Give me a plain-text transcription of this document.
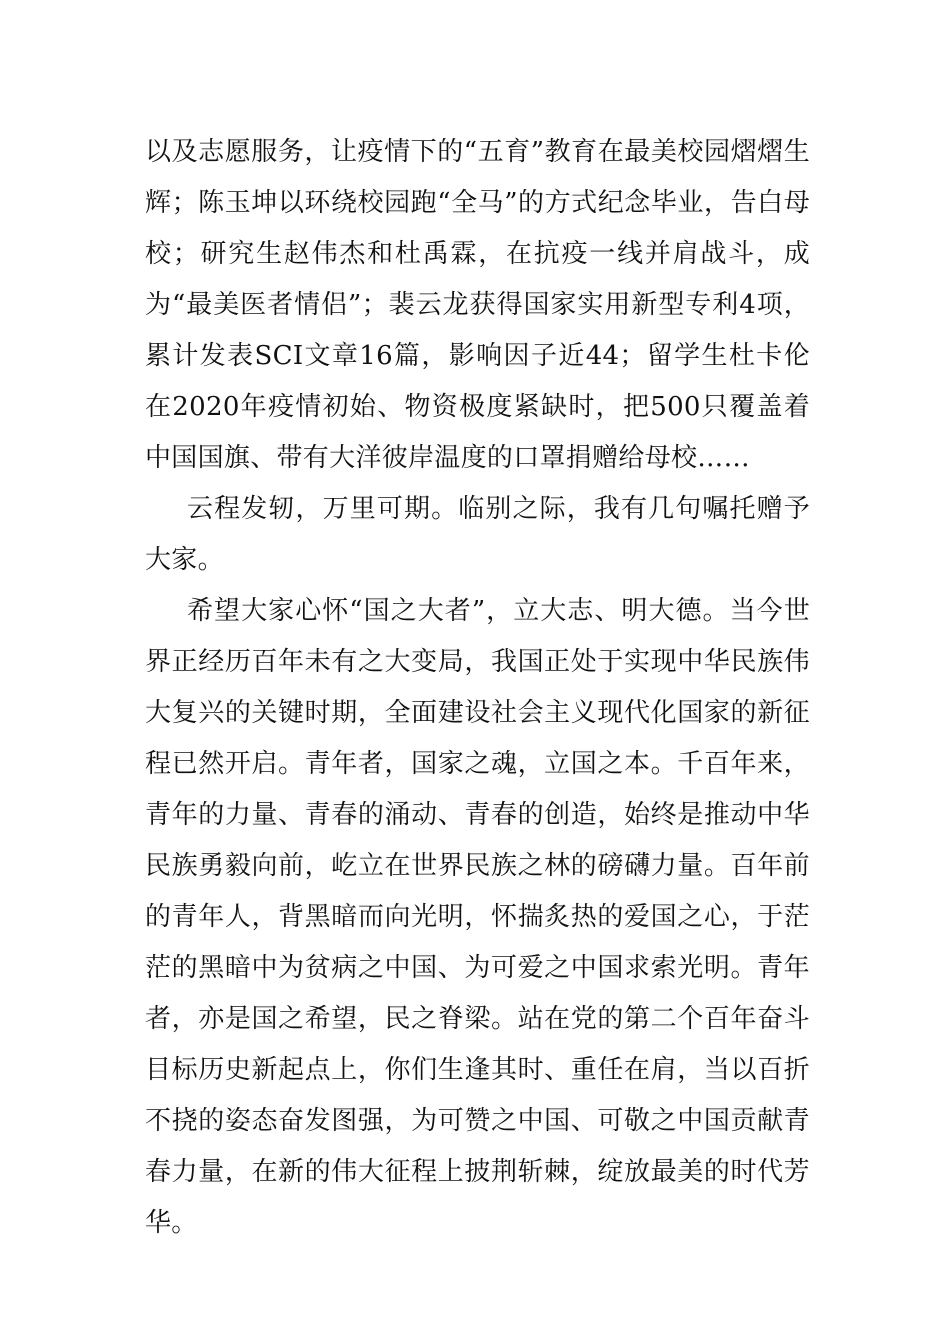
以及志愿服务，让疫情下的“五育”教育在最美校园熠熠生辉；陈玉坤以环绕校园跑“全马”的方式纪念毕业，告白母校；研究生赵伟杰和杜禹霖，在抗疫一线并肩战斗，成为“最美医者情侣”；裴云龙获得国家实用新型专利4项，累计发表SCI文章16篇，影响因子近44；留学生杜卡伦在2020年疫情初始、物资极度紧缺时，把500只覆盖着中国国旗、带有大洋彼岸温度的口罩捐赠给母校……

云程发轫，万里可期。临别之际，我有几句嘱托赠予大家。

希望大家心怀“国之大者”，立大志、明大德。当今世界正经历百年未有之大变局，我国正处于实现中华民族伟大复兴的关键时期，全面建设社会主义现代化国家的新征程已然开启。青年者，国家之魂，立国之本。千百年来，青年的力量、青春的涌动、青春的创造，始终是推动中华民族勇毅向前，屹立在世界民族之林的磅礴力量。百年前的青年人，背黑暗而向光明，怀揣炙热的爱国之心，于茫茫的黑暗中为贫病之中国、为可爱之中国求索光明。青年者，亦是国之希望，民之脊梁。站在党的第二个百年奋斗目标历史新起点上，你们生逢其时、重任在肩，当以百折不挠的姿态奋发图强，为可赞之中国、可敬之中国贡献青春力量，在新的伟大征程上披荆斩棘，绽放最美的时代芳华。
